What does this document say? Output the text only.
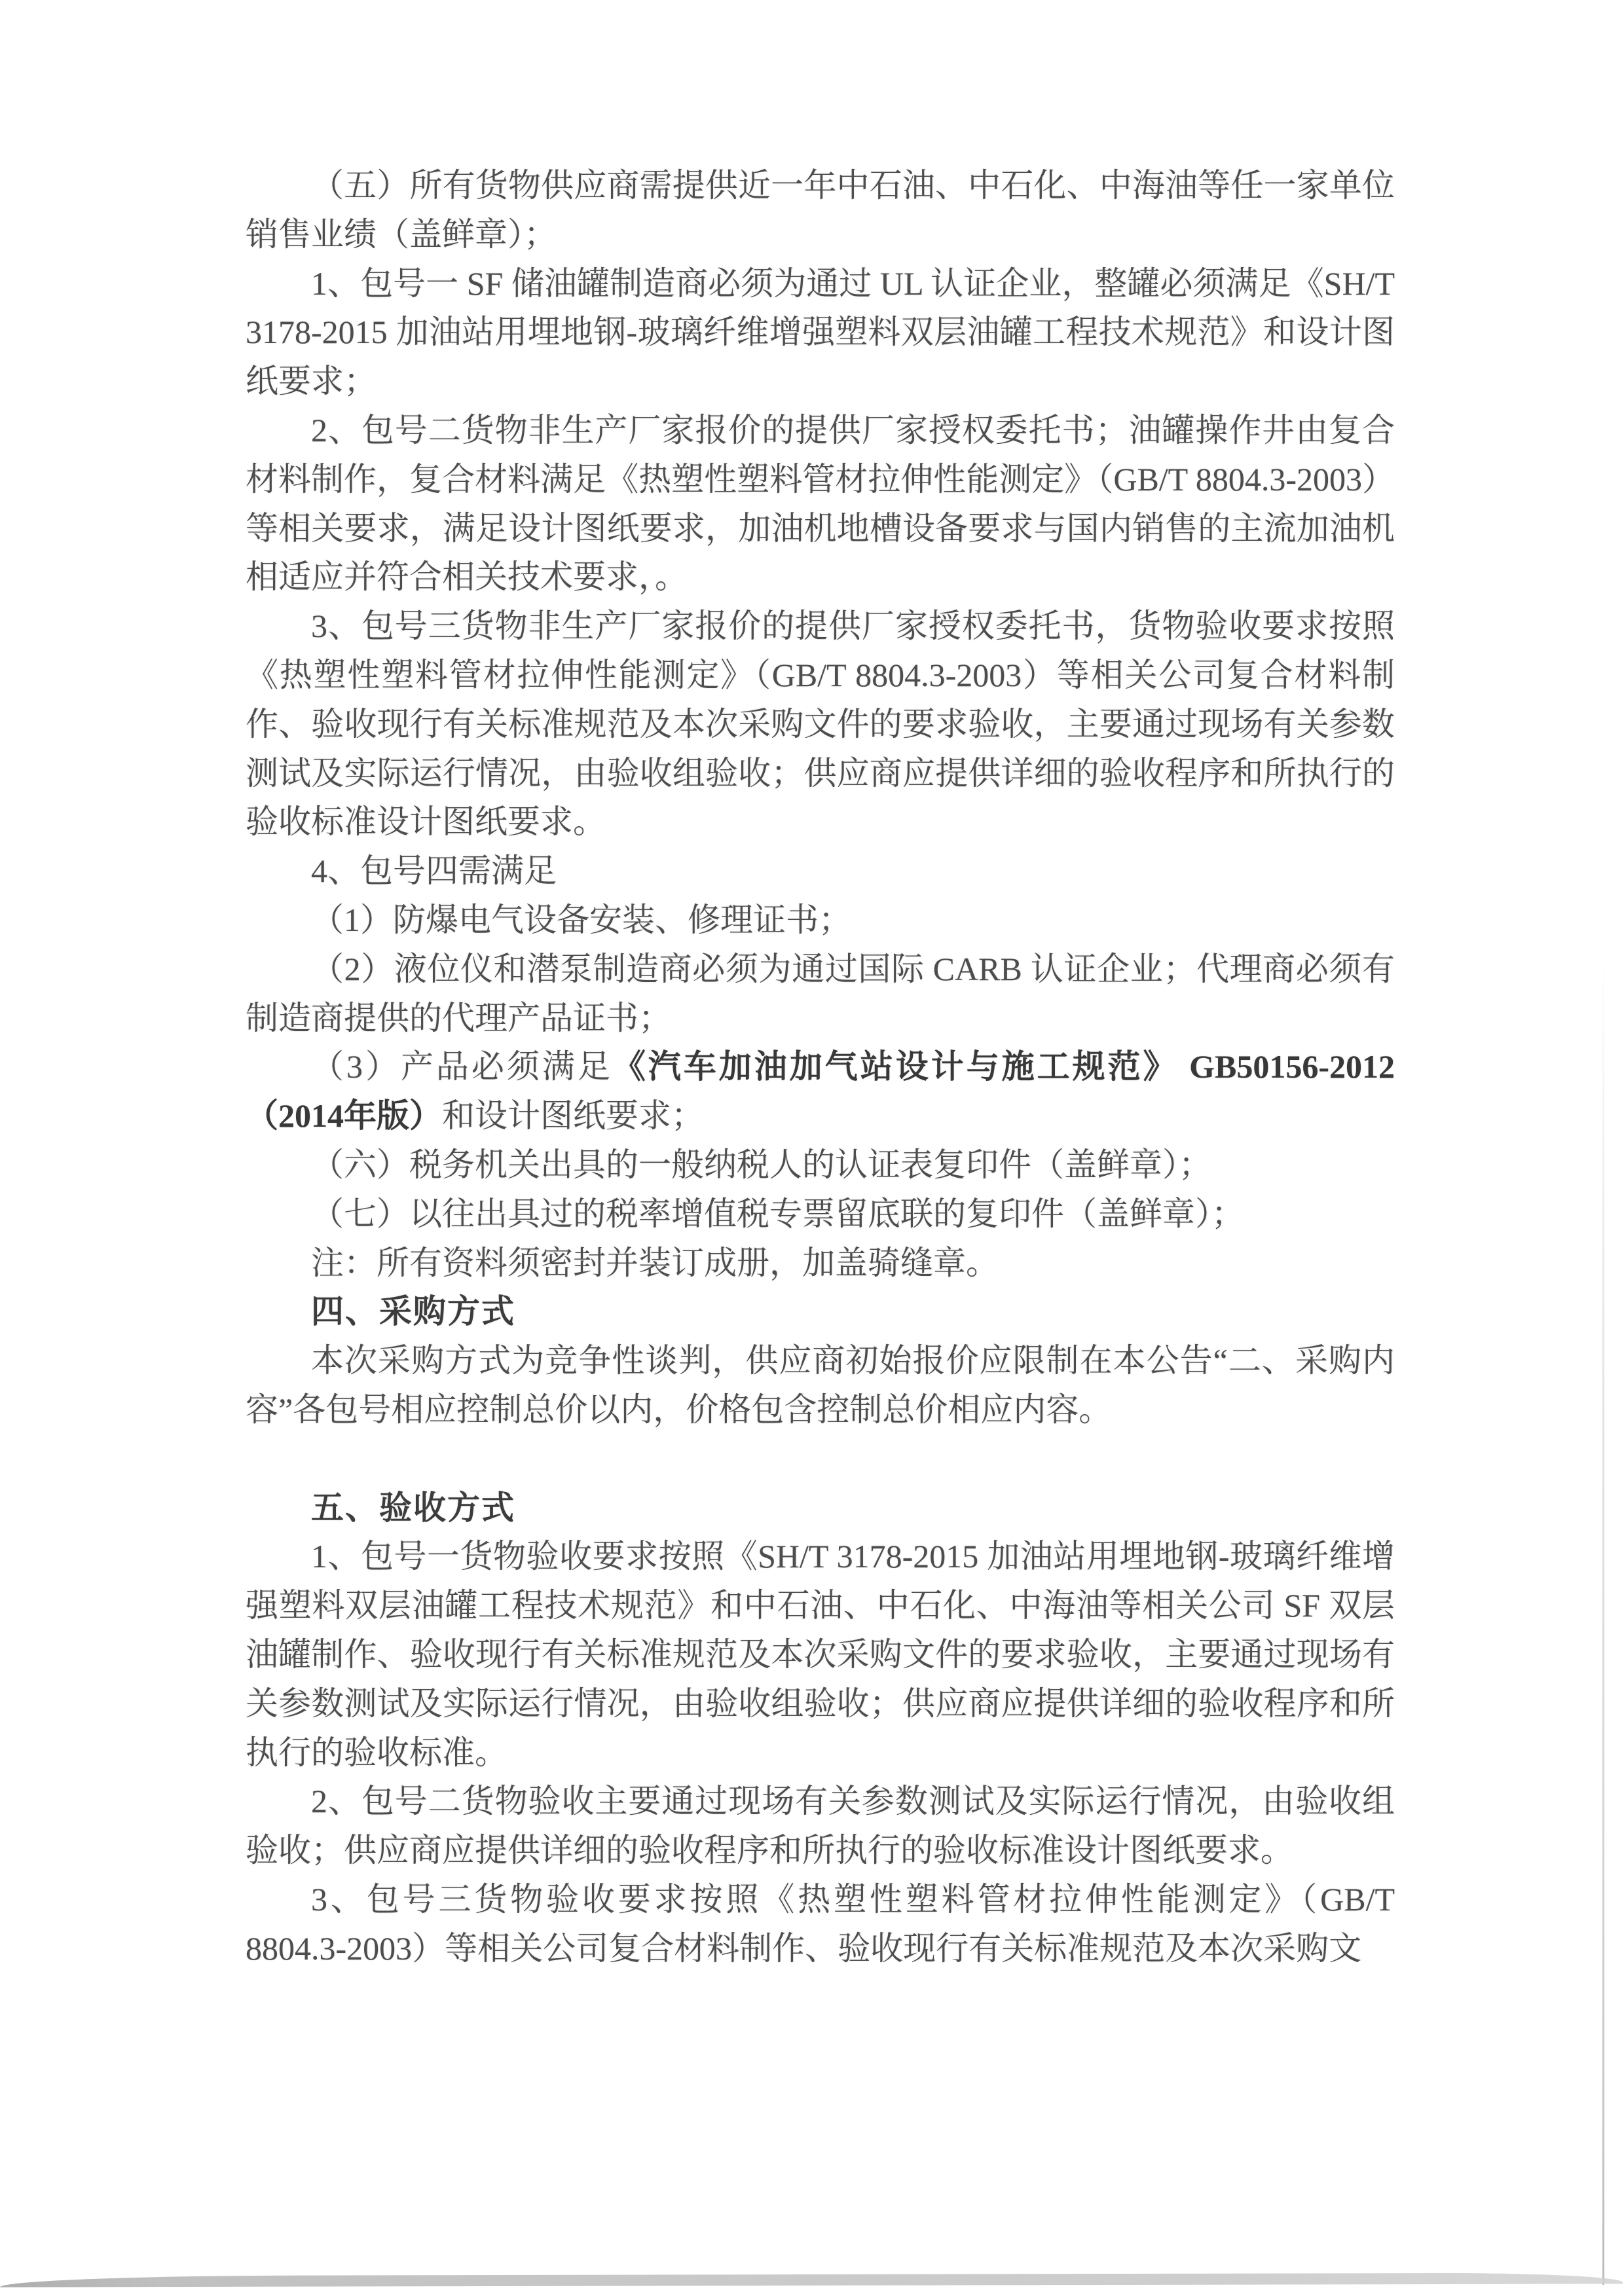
（五）所有货物供应商需提供近一年中石油、中石化、中海油等任一家单位销售业绩（盖鲜章）；

1、包号一 SF 储油罐制造商必须为通过 UL 认证企业，整罐必须满足《SH/T 3178-2015 加油站用埋地钢-玻璃纤维增强塑料双层油罐工程技术规范》和设计图纸要求；

2、包号二货物非生产厂家报价的提供厂家授权委托书；油罐操作井由复合材料制作，复合材料满足《热塑性塑料管材拉伸性能测定》（GB/T 8804.3-2003）等相关要求，满足设计图纸要求，加油机地槽设备要求与国内销售的主流加油机相适应并符合相关技术要求，。

3、包号三货物非生产厂家报价的提供厂家授权委托书，货物验收要求按照《热塑性塑料管材拉伸性能测定》（GB/T 8804.3-2003）等相关公司复合材料制作、验收现行有关标准规范及本次采购文件的要求验收，主要通过现场有关参数测试及实际运行情况，由验收组验收；供应商应提供详细的验收程序和所执行的验收标准设计图纸要求。

4、包号四需满足

（1）防爆电气设备安装、修理证书；

（2）液位仪和潜泵制造商必须为通过国际 CARB 认证企业；代理商必须有制造商提供的代理产品证书；

（3）产品必须满足《汽车加油加气站设计与施工规范》 GB50156-2012（2014年版）和设计图纸要求；

（六）税务机关出具的一般纳税人的认证表复印件（盖鲜章）；

（七）以往出具过的税率增值税专票留底联的复印件（盖鲜章）；

注：所有资料须密封并装订成册，加盖骑缝章。

四、采购方式

本次采购方式为竞争性谈判，供应商初始报价应限制在本公告“二、采购内容”各包号相应控制总价以内，价格包含控制总价相应内容。

五、验收方式

1、包号一货物验收要求按照《SH/T 3178-2015 加油站用埋地钢-玻璃纤维增强塑料双层油罐工程技术规范》和中石油、中石化、中海油等相关公司 SF 双层油罐制作、验收现行有关标准规范及本次采购文件的要求验收，主要通过现场有关参数测试及实际运行情况，由验收组验收；供应商应提供详细的验收程序和所执行的验收标准。

2、包号二货物验收主要通过现场有关参数测试及实际运行情况，由验收组验收；供应商应提供详细的验收程序和所执行的验收标准设计图纸要求。

3、包号三货物验收要求按照《热塑性塑料管材拉伸性能测定》（GB/T 8804.3-2003）等相关公司复合材料制作、验收现行有关标准规范及本次采购文
